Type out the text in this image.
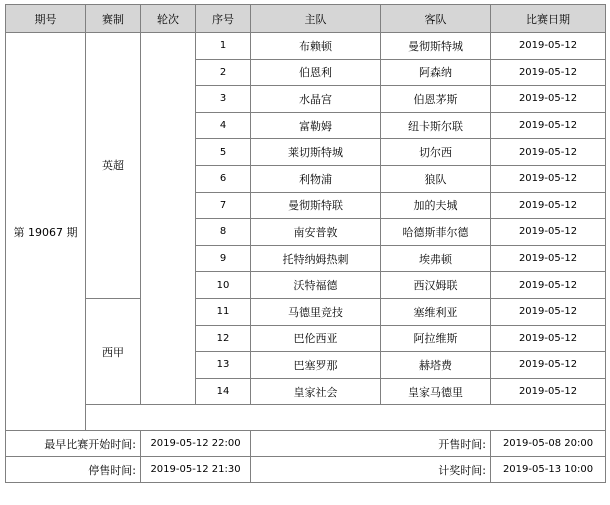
期号	赛制	轮次	序号	主队	客队	比赛日期
第 19067 期	英超		1	布赖顿	曼彻斯特城	2019-05-12
			2	伯恩利	阿森纳	2019-05-12
			3	水晶宫	伯恩茅斯	2019-05-12
			4	富勒姆	纽卡斯尔联	2019-05-12
			5	莱切斯特城	切尔西	2019-05-12
			6	利物浦	狼队	2019-05-12
			7	曼彻斯特联	加的夫城	2019-05-12
			8	南安普敦	哈德斯菲尔德	2019-05-12
			9	托特纳姆热刺	埃弗顿	2019-05-12
			10	沃特福德	西汉姆联	2019-05-12
	西甲		11	马德里竞技	塞维利亚	2019-05-12
			12	巴伦西亚	阿拉维斯	2019-05-12
			13	巴塞罗那	赫塔费	2019-05-12
			14	皇家社会	皇家马德里	2019-05-12

最早比赛开始时间:		2019-05-12 22:00		开售时间:		2019-05-08 20:00
停售时间:		2019-05-12 21:30		计奖时间:		2019-05-13 10:00
